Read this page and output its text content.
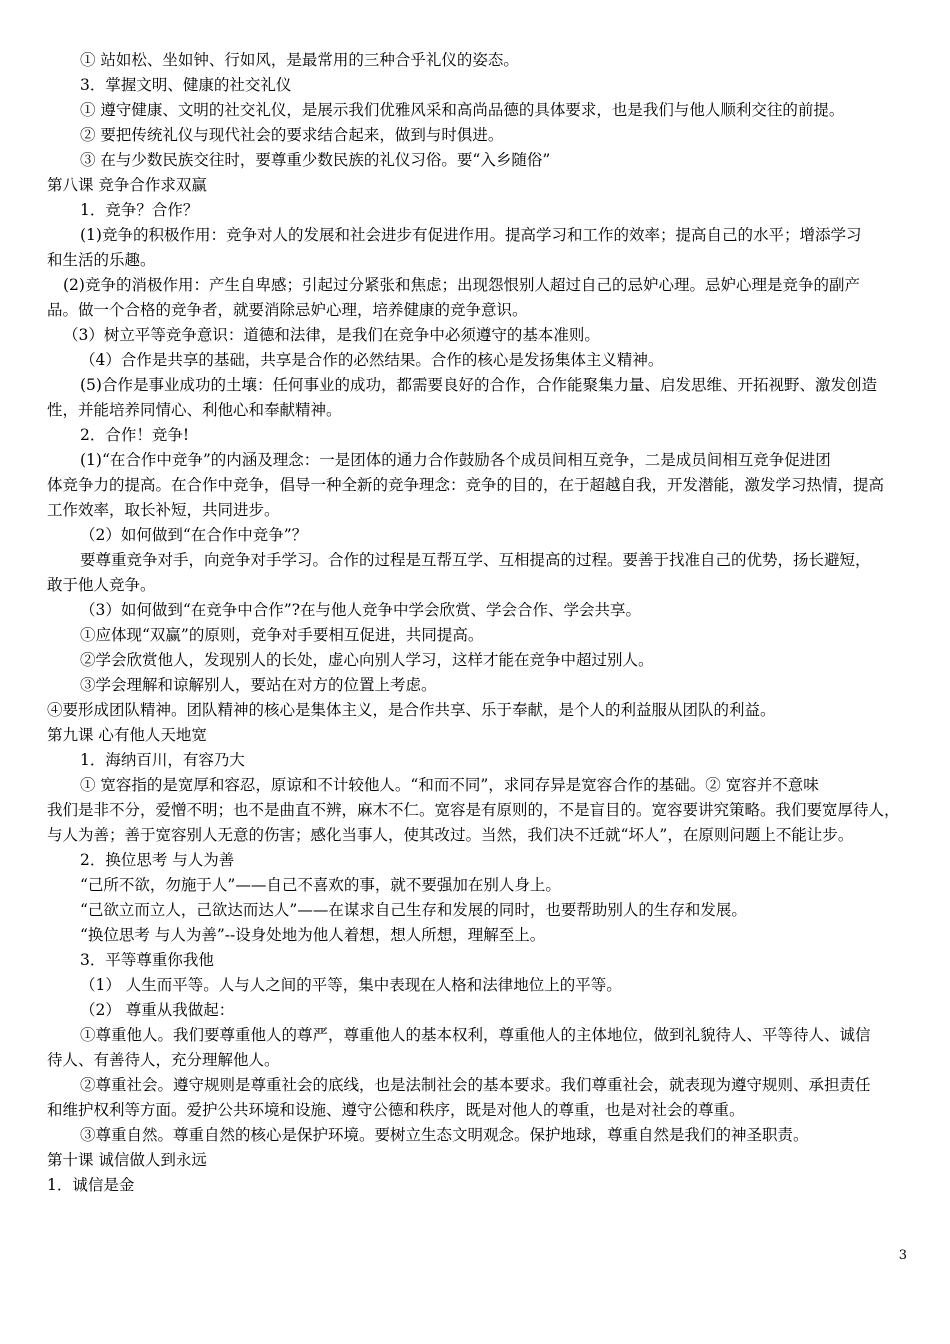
① 站如松、坐如钟、行如风，是最常用的三种合乎礼仪的姿态。
3．掌握文明、健康的社交礼仪
① 遵守健康、文明的社交礼仪，是展示我们优雅风采和高尚品德的具体要求，也是我们与他人顺利交往的前提。
② 要把传统礼仪与现代社会的要求结合起来，做到与时俱进。
③ 在与少数民族交往时，要尊重少数民族的礼仪习俗。要“入乡随俗”
第八课 竞争合作求双赢
1．竞争？合作？
(1)竞争的积极作用：竞争对人的发展和社会进步有促进作用。提高学习和工作的效率；提高自己的水平；增添学习
和生活的乐趣。
(2)竞争的消极作用：产生自卑感；引起过分紧张和焦虑；出现怨恨别人超过自己的忌妒心理。忌妒心理是竞争的副产
品。做一个合格的竞争者，就要消除忌妒心理，培养健康的竞争意识。
（3）树立平等竞争意识：道德和法律，是我们在竞争中必须遵守的基本准则。
（4）合作是共享的基础，共享是合作的必然结果。合作的核心是发扬集体主义精神。
(5)合作是事业成功的土壤：任何事业的成功，都需要良好的合作，合作能聚集力量、启发思维、开拓视野、激发创造
性，并能培养同情心、利他心和奉献精神。
2．合作！竞争!
(1)“在合作中竞争”的内涵及理念：一是团体的通力合作鼓励各个成员间相互竞争，二是成员间相互竞争促进团
体竞争力的提高。在合作中竞争，倡导一种全新的竞争理念：竞争的目的，在于超越自我，开发潜能，激发学习热情，提高
工作效率，取长补短，共同进步。
（2）如何做到“在合作中竞争”？
要尊重竞争对手，向竞争对手学习。合作的过程是互帮互学、互相提高的过程。要善于找准自己的优势，扬长避短，
敢于他人竞争。
（3）如何做到“在竞争中合作”?在与他人竞争中学会欣赏、学会合作、学会共享。
①应体现“双赢”的原则，竞争对手要相互促进，共同提高。
②学会欣赏他人，发现别人的长处，虚心向别人学习，这样才能在竞争中超过别人。
③学会理解和谅解别人，要站在对方的位置上考虑。
④要形成团队精神。团队精神的核心是集体主义，是合作共享、乐于奉献，是个人的利益服从团队的利益。
第九课 心有他人天地宽
1．海纳百川，有容乃大
① 宽容指的是宽厚和容忍，原谅和不计较他人。“和而不同”，求同存异是宽容合作的基础。② 宽容并不意味
我们是非不分，爱憎不明；也不是曲直不辨，麻木不仁。宽容是有原则的，不是盲目的。宽容要讲究策略。我们要宽厚待人，
与人为善；善于宽容别人无意的伤害；感化当事人，使其改过。当然，我们决不迁就“坏人”，在原则问题上不能让步。
2．换位思考 与人为善
“己所不欲，勿施于人”——自己不喜欢的事，就不要强加在别人身上。
“己欲立而立人，己欲达而达人”——在谋求自己生存和发展的同时，也要帮助别人的生存和发展。
“换位思考 与人为善”--设身处地为他人着想，想人所想，理解至上。
3．平等尊重你我他
（1） 人生而平等。人与人之间的平等，集中表现在人格和法律地位上的平等。
（2） 尊重从我做起：
①尊重他人。我们要尊重他人的尊严，尊重他人的基本权利，尊重他人的主体地位，做到礼貌待人、平等待人、诚信
待人、有善待人，充分理解他人。
②尊重社会。遵守规则是尊重社会的底线，也是法制社会的基本要求。我们尊重社会，就表现为遵守规则、承担责任
和维护权利等方面。爱护公共环境和设施、遵守公德和秩序，既是对他人的尊重，也是对社会的尊重。
③尊重自然。尊重自然的核心是保护环境。要树立生态文明观念。保护地球，尊重自然是我们的神圣职责。
第十课 诚信做人到永远
1．诚信是金
3
